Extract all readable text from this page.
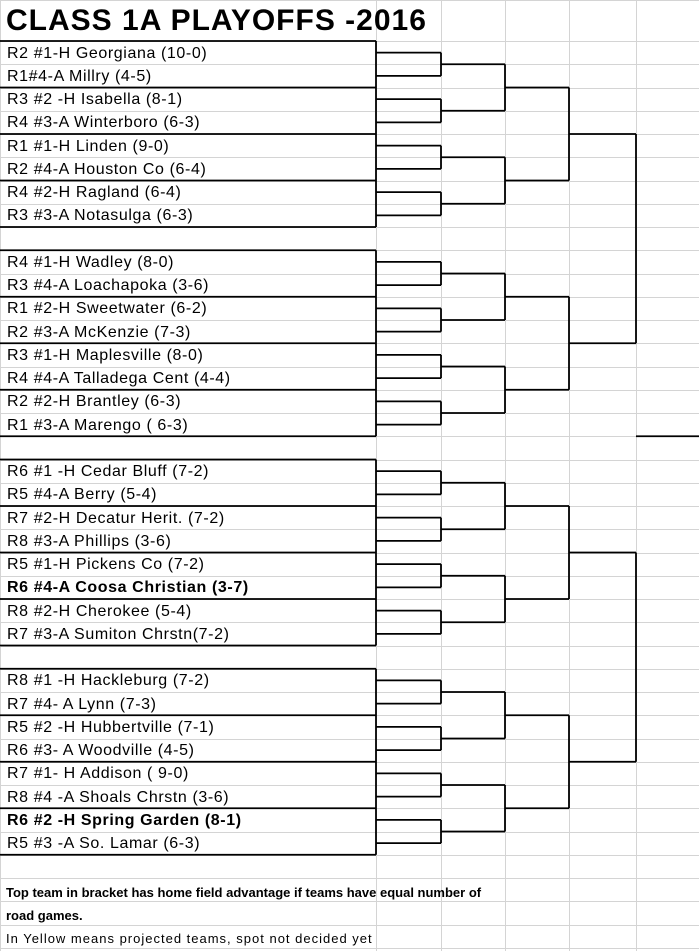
CLASS 1A PLAYOFFS -2016
R2 #1-H Georgiana (10-0)
R1#4-A Millry (4-5)
R3 #2 -H Isabella (8-1)
R4 #3-A Winterboro (6-3)
R1 #1-H Linden (9-0)
R2 #4-A Houston Co (6-4)
R4 #2-H Ragland (6-4)
R3 #3-A Notasulga (6-3)
R4 #1-H Wadley (8-0)
R3 #4-A Loachapoka (3-6)
R1 #2-H Sweetwater (6-2)
R2 #3-A McKenzie (7-3)
R3 #1-H Maplesville (8-0)
R4 #4-A Talladega Cent (4-4)
R2 #2-H Brantley (6-3)
R1 #3-A Marengo ( 6-3)
R6 #1 -H Cedar Bluff (7-2)
R5 #4-A Berry (5-4)
R7 #2-H Decatur Herit. (7-2)
R8 #3-A Phillips (3-6)
R5 #1-H Pickens Co (7-2)
R6 #4-A Coosa Christian (3-7)
R8 #2-H Cherokee (5-4)
R7 #3-A Sumiton Chrstn(7-2)
R8 #1 -H Hackleburg (7-2)
R7 #4- A Lynn (7-3)
R5 #2 -H Hubbertville (7-1)
R6 #3- A Woodville (4-5)
R7 #1- H Addison ( 9-0)
R8 #4 -A Shoals Chrstn (3-6)
R6 #2 -H Spring Garden (8-1)
R5 #3 -A So. Lamar (6-3)
Top team in bracket has home field advantage if teams have equal number of
road games.
In Yellow means projected teams, spot not decided yet
